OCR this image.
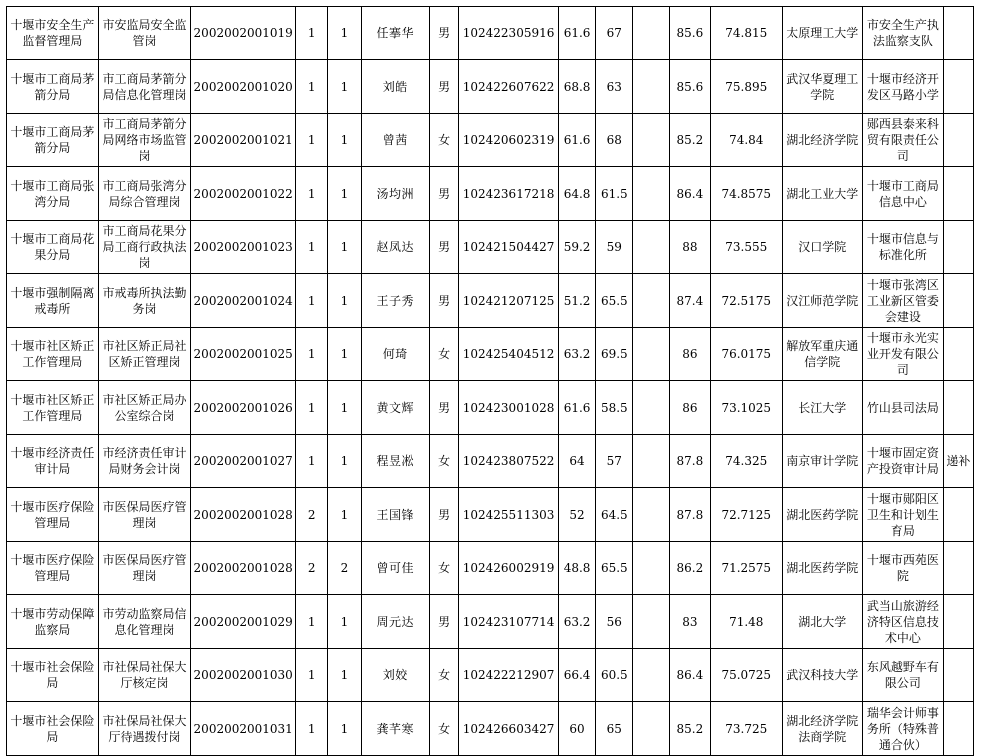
十堰市安全生产监督管理局	市安监局安全监管岗	2002002001019	1	1	任搴华	男	102422305916	61.6	67		85.6	74.815	太原理工大学	市安全生产执法监察支队	

十堰市工商局茅箭分局	市工商局茅箭分局信息化管理岗	2002002001020	1	1	刘皓	男	102422607622	68.8	63		85.6	75.895	武汉华夏理工学院	十堰市经济开发区马路小学	

十堰市工商局茅箭分局	市工商局茅箭分局网络市场监管岗	2002002001021	1	1	曾茜	女	102420602319	61.6	68		85.2	74.84	湖北经济学院	郧西县泰来科贸有限责任公司	

十堰市工商局张湾分局	市工商局张湾分局综合管理岗	2002002001022	1	1	汤均洲	男	102423617218	64.8	61.5		86.4	74.8575	湖北工业大学	十堰市工商局信息中心	

十堰市工商局花果分局	市工商局花果分局工商行政执法岗	2002002001023	1	1	赵凤达	男	102421504427	59.2	59		88	73.555	汉口学院	十堰市信息与标准化所	

十堰市强制隔离戒毒所	市戒毒所执法勤务岗	2002002001024	1	1	王子秀	男	102421207125	51.2	65.5		87.4	72.5175	汉江师范学院	十堰市张湾区工业新区管委会建设	

十堰市社区矫正工作管理局	市社区矫正局社区矫正管理岗	2002002001025	1	1	何琦	女	102425404512	63.2	69.5		86	76.0175	解放军重庆通信学院	十堰市永光实业开发有限公司	

十堰市社区矫正工作管理局	市社区矫正局办公室综合岗	2002002001026	1	1	黄文辉	男	102423001028	61.6	58.5		86	73.1025	长江大学	竹山县司法局	

十堰市经济责任审计局	市经济责任审计局财务会计岗	2002002001027	1	1	程昱凇	女	102423807522	64	57		87.8	74.325	南京审计学院	十堰市固定资产投资审计局	递补

十堰市医疗保险管理局	市医保局医疗管理岗	2002002001028	2	1	王国锋	男	102425511303	52	64.5		87.8	72.7125	湖北医药学院	十堰市郧阳区卫生和计划生育局	

十堰市医疗保险管理局	市医保局医疗管理岗	2002002001028	2	2	曾可佳	女	102426002919	48.8	65.5		86.2	71.2575	湖北医药学院	十堰市西苑医院	

十堰市劳动保障监察局	市劳动监察局信息化管理岗	2002002001029	1	1	周元达	男	102423107714	63.2	56		83	71.48	湖北大学	武当山旅游经济特区信息技术中心	

十堰市社会保险局	市社保局社保大厅核定岗	2002002001030	1	1	刘姣	女	102422212907	66.4	60.5		86.4	75.0725	武汉科技大学	东风越野车有限公司	

十堰市社会保险局	市社保局社保大厅待遇拨付岗	2002002001031	1	1	龚芊寒	女	102426603427	60	65		85.2	73.725	湖北经济学院法商学院	瑞华会计师事务所（特殊普通合伙）	
